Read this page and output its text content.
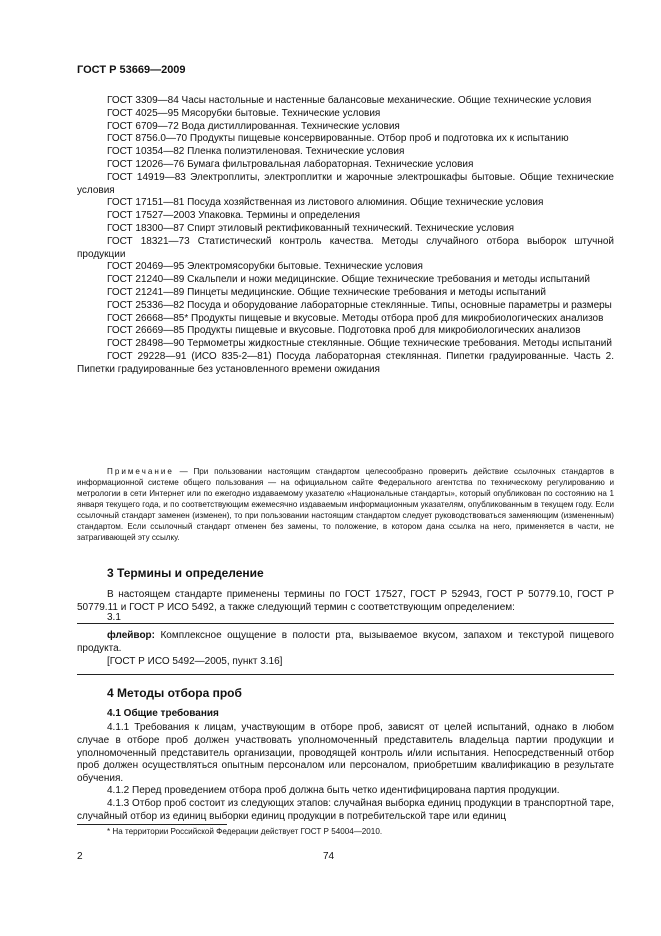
ГОСТ Р 53669—2009

ГОСТ 3309—84 Часы настольные и настенные балансовые механические. Общие технические условия

ГОСТ 4025—95 Мясорубки бытовые. Технические условия

ГОСТ 6709—72 Вода дистиллированная. Технические условия

ГОСТ 8756.0—70 Продукты пищевые консервированные. Отбор проб и подготовка их к испытанию

ГОСТ 10354—82 Пленка полиэтиленовая. Технические условия

ГОСТ 12026—76 Бумага фильтровальная лабораторная. Технические условия

ГОСТ 14919—83 Электроплиты, электроплитки и жарочные электрошкафы бытовые. Общие технические условия

ГОСТ 17151—81 Посуда хозяйственная из листового алюминия. Общие технические условия

ГОСТ 17527—2003 Упаковка. Термины и определения

ГОСТ 18300—87 Спирт этиловый ректификованный технический. Технические условия

ГОСТ 18321—73 Статистический контроль качества. Методы случайного отбора выборок штучной продукции

ГОСТ 20469—95 Электромясорубки бытовые. Технические условия

ГОСТ 21240—89 Скальпели и ножи медицинские. Общие технические требования и методы испытаний

ГОСТ 21241—89 Пинцеты медицинские. Общие технические требования и методы испытаний

ГОСТ 25336—82 Посуда и оборудование лабораторные стеклянные. Типы, основные параметры и размеры

ГОСТ 26668—85* Продукты пищевые и вкусовые. Методы отбора проб для микробиологических анализов

ГОСТ 26669—85 Продукты пищевые и вкусовые. Подготовка проб для микробиологических анализов

ГОСТ 28498—90 Термометры жидкостные стеклянные. Общие технические требования. Методы испытаний

ГОСТ 29228—91 (ИСО 835-2—81) Посуда лабораторная стеклянная. Пипетки градуированные. Часть 2. Пипетки градуированные без установленного времени ожидания

Примечание — При пользовании настоящим стандартом целесообразно проверить действие ссылочных стандартов в информационной системе общего пользования — на официальном сайте Федерального агентства по техническому регулированию и метрологии в сети Интернет или по ежегодно издаваемому указателю «Национальные стандарты», который опубликован по состоянию на 1 января текущего года, и по соответствующим ежемесячно издаваемым информационным указателям, опубликованным в текущем году. Если ссылочный стандарт заменен (изменен), то при пользовании настоящим стандартом следует руководствоваться заменяющим (измененным) стандартом. Если ссылочный стандарт отменен без замены, то положение, в котором дана ссылка на него, применяется в части, не затрагивающей эту ссылку.

3 Термины и определение

В настоящем стандарте применены термины по ГОСТ 17527, ГОСТ Р 52943, ГОСТ Р 50779.10, ГОСТ Р 50779.11 и ГОСТ Р ИСО 5492, а также следующий термин с соответствующим определением:

3.1

флейвор: Комплексное ощущение в полости рта, вызываемое вкусом, запахом и текстурой пищевого продукта.

[ГОСТ Р ИСО 5492—2005, пункт 3.16]

4 Методы отбора проб
4.1 Общие требования

4.1.1 Требования к лицам, участвующим в отборе проб, зависят от целей испытаний, однако в любом случае в отборе проб должен участвовать уполномоченный представитель владельца партии продукции и уполномоченный представитель организации, проводящей контроль и/или испытания. Непосредственный отбор проб должен осуществляться опытным персоналом или персоналом, приобретшим квалификацию в результате обучения.

4.1.2 Перед проведением отбора проб должна быть четко идентифицирована партия продукции.

4.1.3 Отбор проб состоит из следующих этапов: случайная выборка единиц продукции в транспортной таре, случайный отбор из единиц выборки единиц продукции в потребительской таре или единиц

* На территории Российской Федерации действует ГОСТ Р 54004—2010.
2	74
